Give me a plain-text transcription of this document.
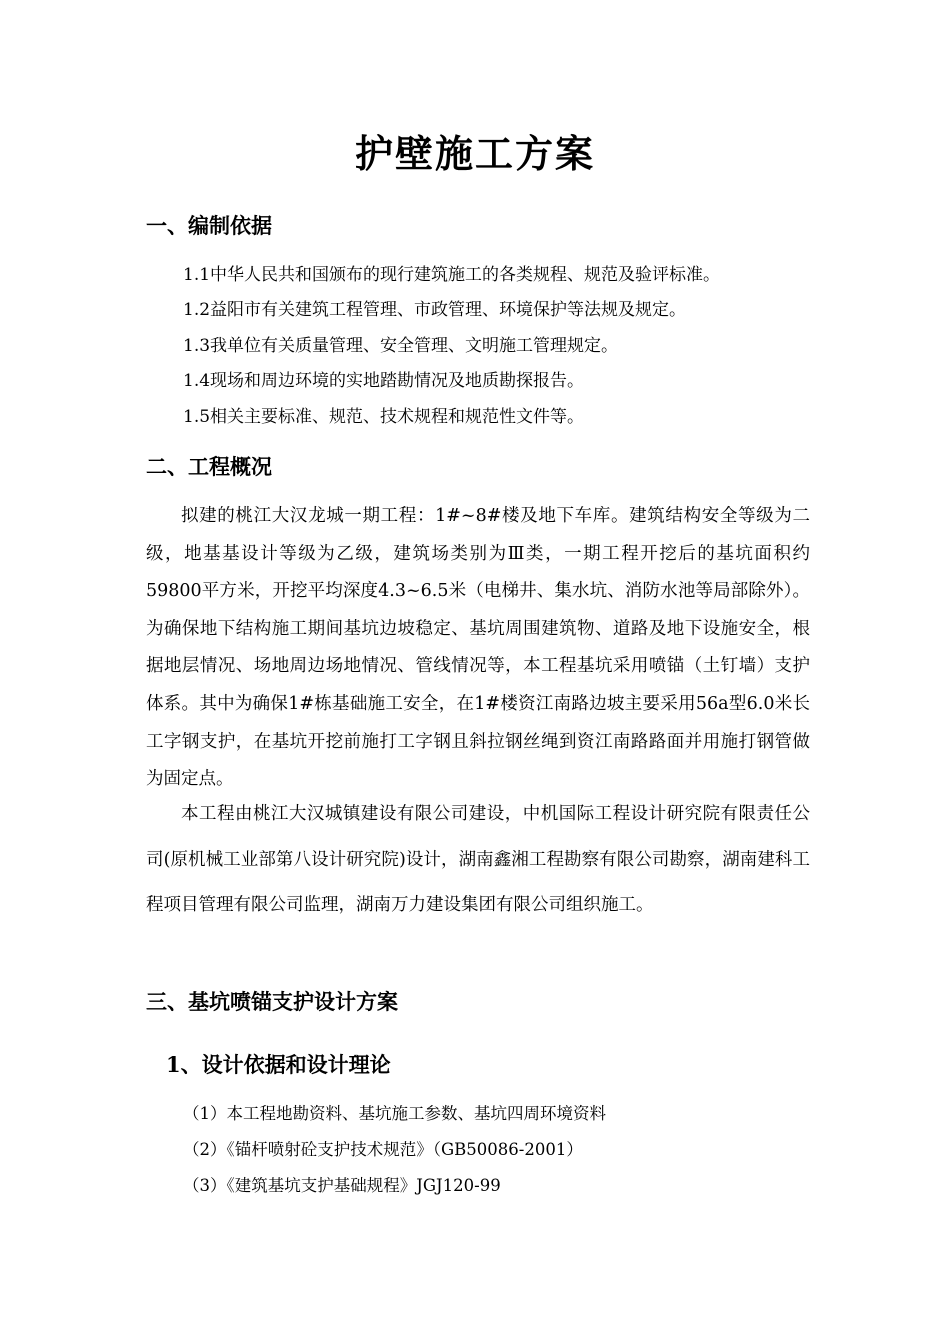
护壁施工方案
一、编制依据

1.1中华人民共和国颁布的现行建筑施工的各类规程、规范及验评标准。

1.2益阳市有关建筑工程管理、市政管理、环境保护等法规及规定。

1.3我单位有关质量管理、安全管理、文明施工管理规定。

1.4现场和周边环境的实地踏勘情况及地质勘探报告。

1.5相关主要标准、规范、技术规程和规范性文件等。

二、工程概况

拟建的桃江大汉龙城一期工程：1#~8#楼及地下车库。建筑结构安全等级为二级，地基基设计等级为乙级，建筑场类别为Ⅲ类，一期工程开挖后的基坑面积约59800平方米，开挖平均深度4.3~6.5米（电梯井、集水坑、消防水池等局部除外）。为确保地下结构施工期间基坑边坡稳定、基坑周围建筑物、道路及地下设施安全，根据地层情况、场地周边场地情况、管线情况等，本工程基坑采用喷锚（土钉墙）支护体系。其中为确保1#栋基础施工安全，在1#楼资江南路边坡主要采用56a型6.0米长工字钢支护，在基坑开挖前施打工字钢且斜拉钢丝绳到资江南路路面并用施打钢管做为固定点。

本工程由桃江大汉城镇建设有限公司建设，中机国际工程设计研究院有限责任公司(原机械工业部第八设计研究院)设计，湖南鑫湘工程勘察有限公司勘察，湖南建科工程项目管理有限公司监理，湖南万力建设集团有限公司组织施工。

三、基坑喷锚支护设计方案
1、设计依据和设计理论

（1）本工程地勘资料、基坑施工参数、基坑四周环境资料

（2）《锚杆喷射砼支护技术规范》（GB50086-2001）

（3）《建筑基坑支护基础规程》JGJ120-99
